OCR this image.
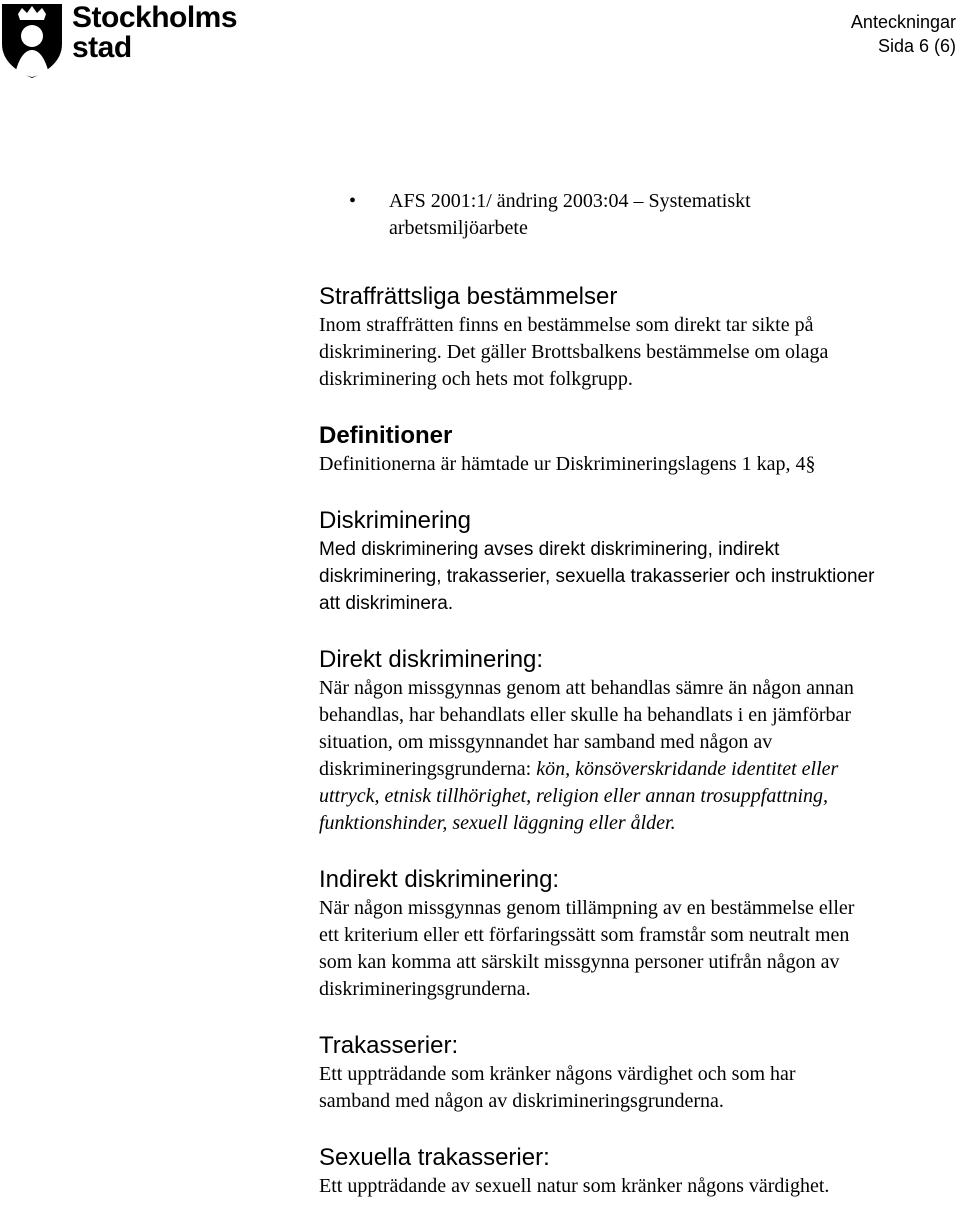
Stockholms
stad
Anteckningar
Sida 6 (6)
• AFS 2001:1/ ändring 2003:04 – Systematiskt
arbetsmiljöarbete
Straffrättsliga bestämmelser

Inom straffrätten finns en bestämmelse som direkt tar sikte på

diskriminering. Det gäller Brottsbalkens bestämmelse om olaga

diskriminering och hets mot folkgrupp.

Definitioner

Definitionerna är hämtade ur Diskrimineringslagens 1 kap, 4§

Diskriminering

Med diskriminering avses direkt diskriminering, indirekt

diskriminering, trakasserier, sexuella trakasserier och instruktioner

att diskriminera.

Direkt diskriminering:

När någon missgynnas genom att behandlas sämre än någon annan

behandlas, har behandlats eller skulle ha behandlats i en jämförbar

situation, om missgynnandet har samband med någon av

diskrimineringsgrunderna: kön, könsöverskridande identitet eller

uttryck, etnisk tillhörighet, religion eller annan trosuppfattning,

funktionshinder, sexuell läggning eller ålder.

Indirekt diskriminering:

När någon missgynnas genom tillämpning av en bestämmelse eller

ett kriterium eller ett förfaringssätt som framstår som neutralt men

som kan komma att särskilt missgynna personer utifrån någon av

diskrimineringsgrunderna.

Trakasserier:

Ett uppträdande som kränker någons värdighet och som har

samband med någon av diskrimineringsgrunderna.

Sexuella trakasserier:

Ett uppträdande av sexuell natur som kränker någons värdighet.
